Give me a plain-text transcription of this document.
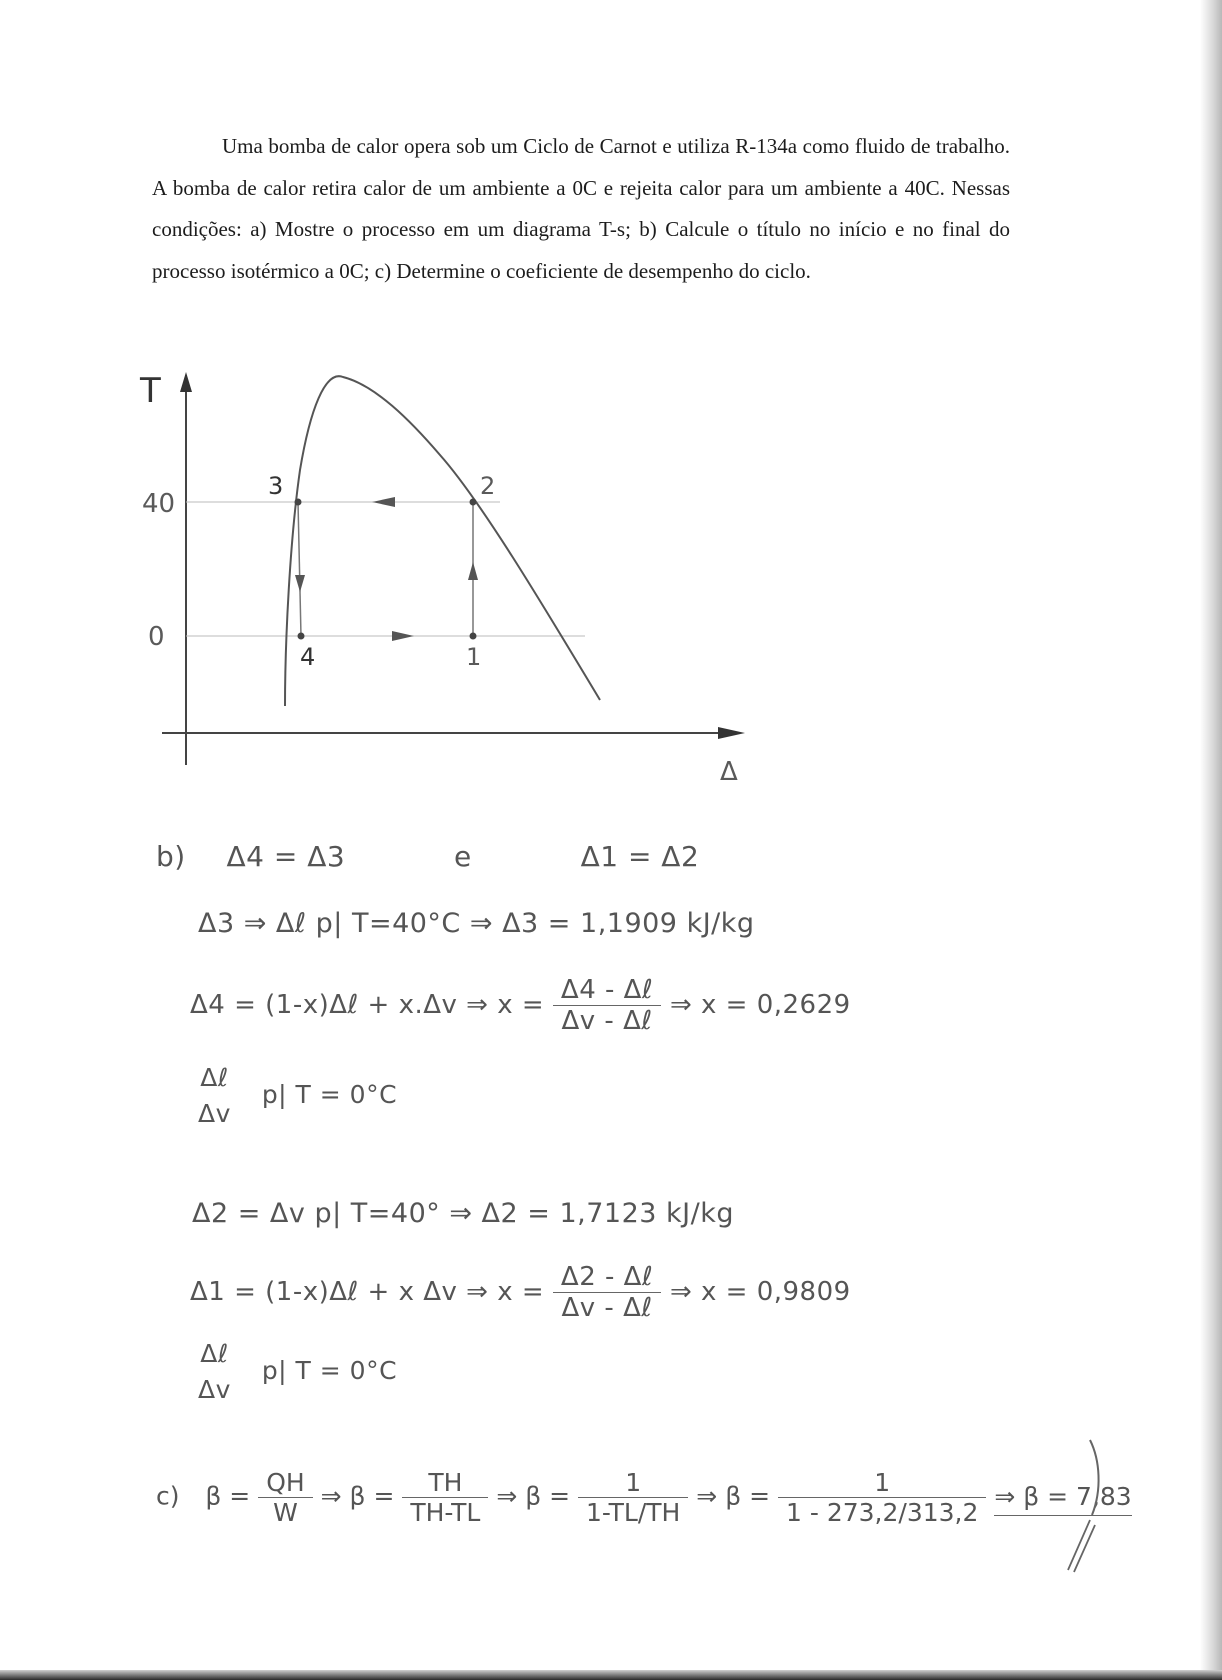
Uma bomba de calor opera sob um Ciclo de Carnot e utiliza R-134a como fluido de trabalho. A bomba de calor retira calor de um ambiente a 0C e rejeita calor para um ambiente a 40C. Nessas condições: a) Mostre o processo em um diagrama T-s; b) Calcule o título no início e no final do processo isotérmico a 0C; c) Determine o coeficiente de desempenho do ciclo.

T
40
0
Δ
3	2
4	1
b) Δ4 = Δ3	e	Δ1 = Δ2
Δ3 ⇒ Δℓ p| T=40°C ⇒ Δ3 = 1,1909 kJ/kg
Δ4 = (1-x)Δℓ + x.Δv ⇒ $x = \frac{\text{Δ4 - Δℓ}}{\text{Δv - Δℓ}}$ ⇒ x = 0,2629
Δℓ
Δv
p| T = 0°C
Δ2 = Δv p| T=40° ⇒ Δ2 = 1,7123 kJ/kg
Δ1 = (1-x)Δℓ + x Δv ⇒ $x = \frac{\text{Δ2 - Δℓ}}{\text{Δv - Δℓ}}$ ⇒ x = 0,9809
Δℓ
Δv
p| T = 0°C
c) $\beta = \frac{QH}{W}$ ⇒ $\beta = \frac{TH}{TH-TL}$ ⇒ $\beta = \frac{1}{1-TL/TH}$ ⇒ $\beta = \frac{1}{1 - 273,2/313,2}$ ⇒ β = 7,83
